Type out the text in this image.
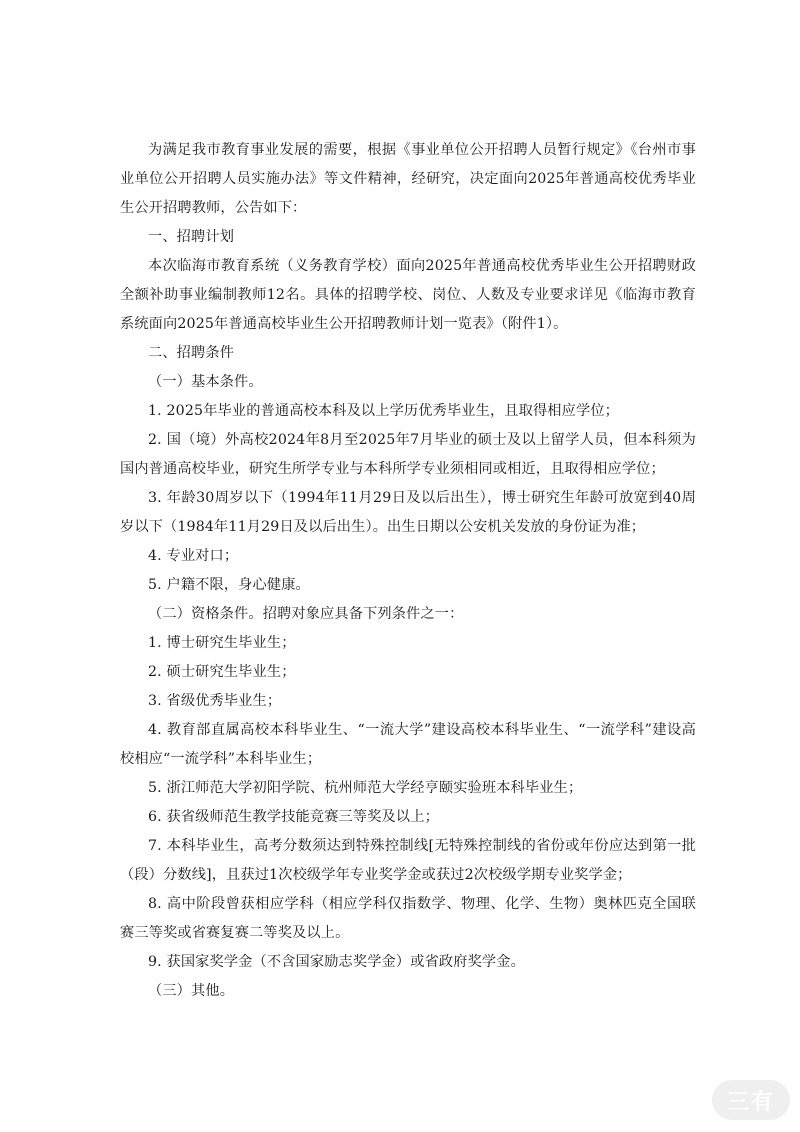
为满足我市教育事业发展的需要，根据《事业单位公开招聘人员暂行规定》《台州市事业单位公开招聘人员实施办法》等文件精神，经研究，决定面向2025年普通高校优秀毕业生公开招聘教师，公告如下：

一、招聘计划

本次临海市教育系统（义务教育学校）面向2025年普通高校优秀毕业生公开招聘财政全额补助事业编制教师12名。具体的招聘学校、岗位、人数及专业要求详见《临海市教育系统面向2025年普通高校毕业生公开招聘教师计划一览表》（附件1）。

二、招聘条件

（一）基本条件。

1. 2025年毕业的普通高校本科及以上学历优秀毕业生，且取得相应学位；

2. 国（境）外高校2024年8月至2025年7月毕业的硕士及以上留学人员，但本科须为国内普通高校毕业，研究生所学专业与本科所学专业须相同或相近，且取得相应学位；

3. 年龄30周岁以下（1994年11月29日及以后出生），博士研究生年龄可放宽到40周岁以下（1984年11月29日及以后出生）。出生日期以公安机关发放的身份证为准；

4. 专业对口；

5. 户籍不限，身心健康。

（二）资格条件。招聘对象应具备下列条件之一：

1. 博士研究生毕业生；

2. 硕士研究生毕业生；

3. 省级优秀毕业生；

4. 教育部直属高校本科毕业生、“一流大学”建设高校本科毕业生、“一流学科”建设高校相应“一流学科”本科毕业生；

5. 浙江师范大学初阳学院、杭州师范大学经亨颐实验班本科毕业生；

6. 获省级师范生教学技能竞赛三等奖及以上；

7. 本科毕业生，高考分数须达到特殊控制线[无特殊控制线的省份或年份应达到第一批（段）分数线]，且获过1次校级学年专业奖学金或获过2次校级学期专业奖学金；

8. 高中阶段曾获相应学科（相应学科仅指数学、物理、化学、生物）奥林匹克全国联赛三等奖或省赛复赛二等奖及以上。

9. 获国家奖学金（不含国家励志奖学金）或省政府奖学金。

（三）其他。

三有
